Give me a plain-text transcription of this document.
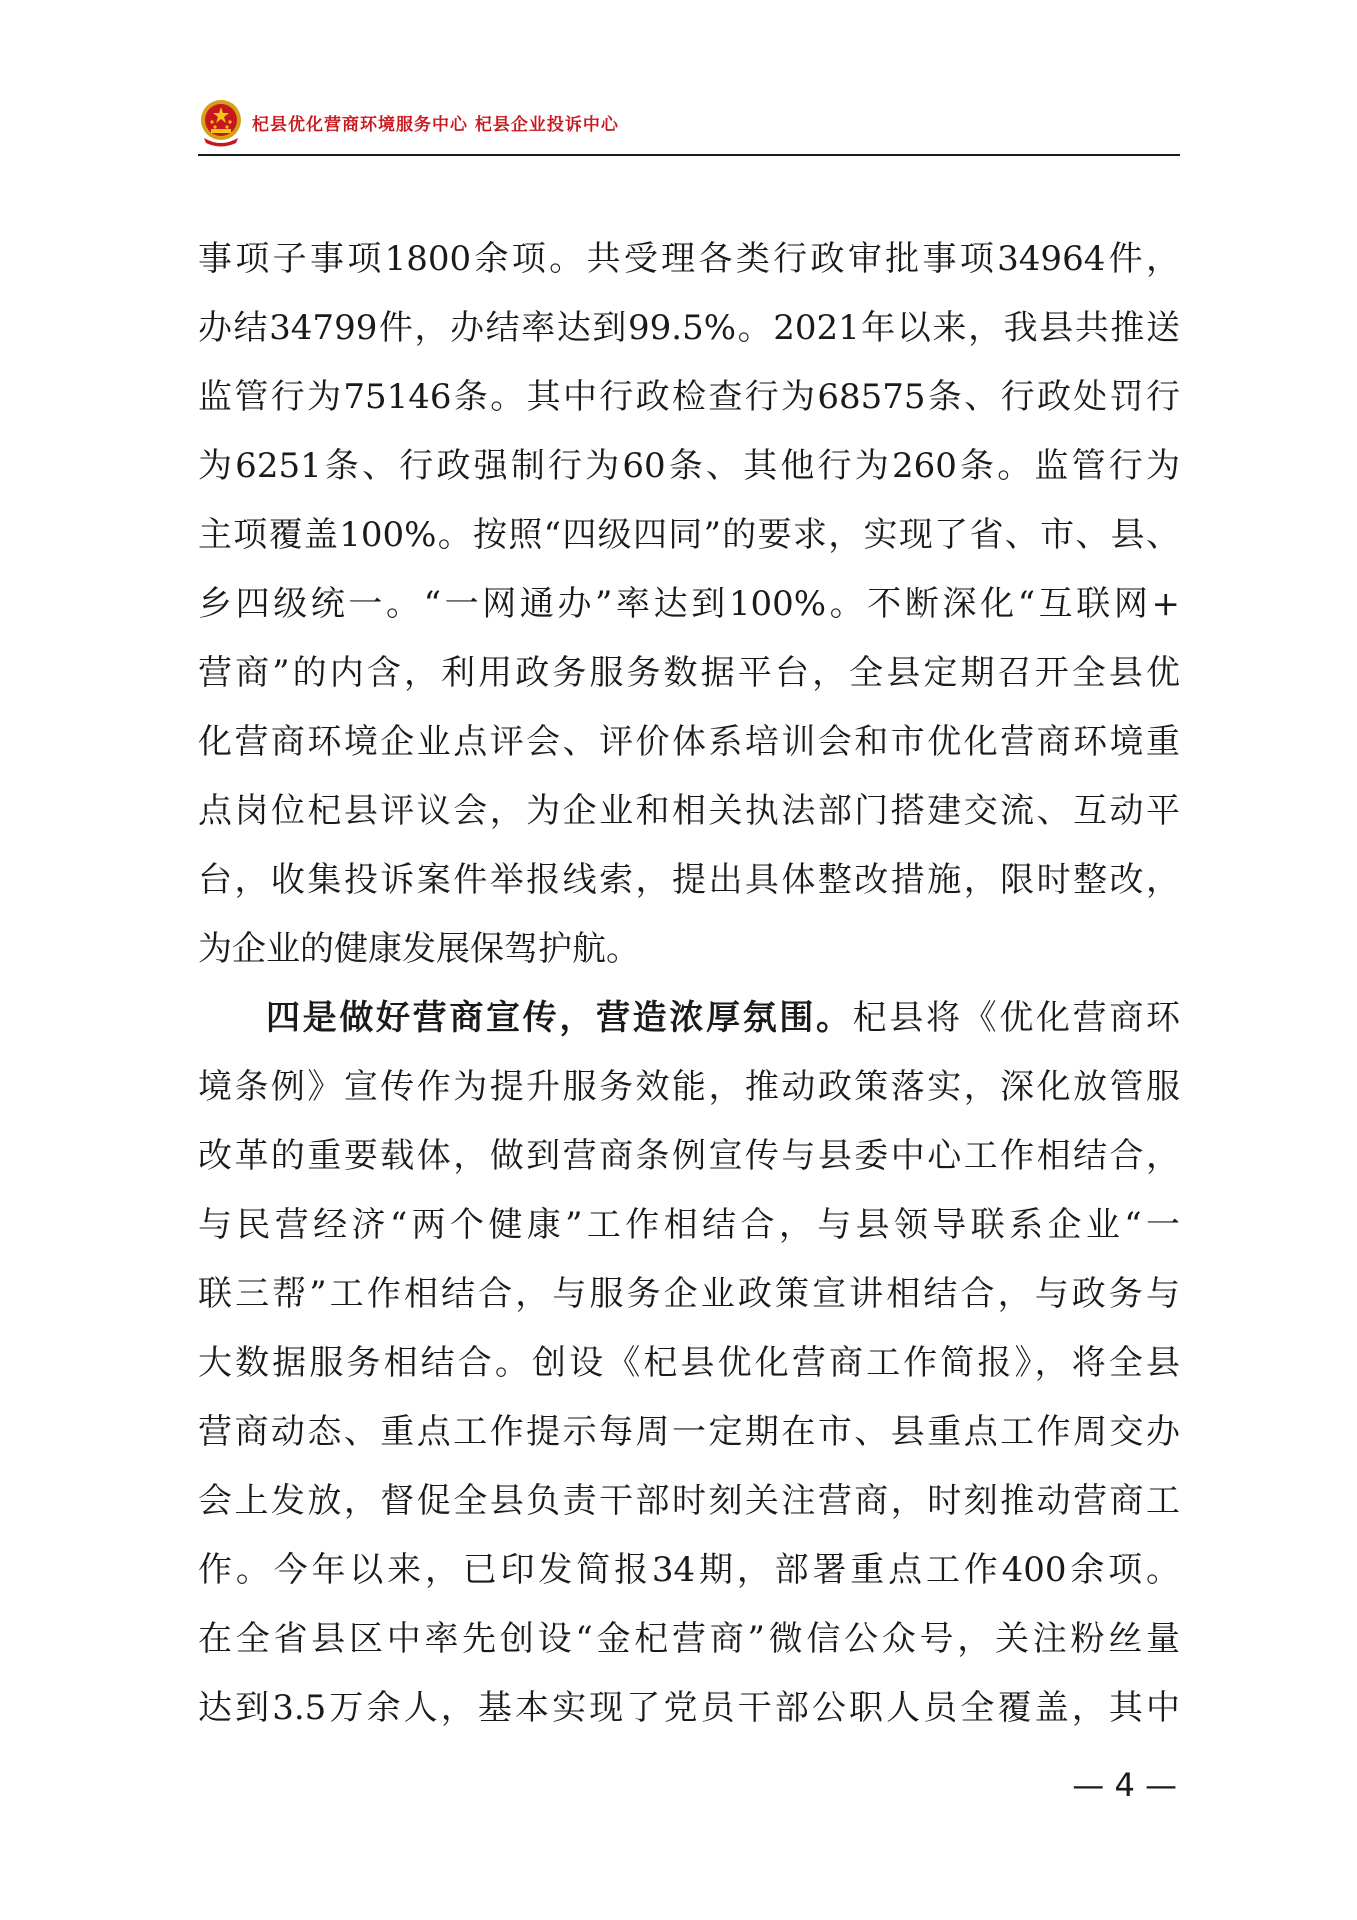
杞县优化营商环境服务中心 杞县企业投诉中心
事项子事项1800余项。共受理各类行政审批事项34964件，
办结34799件，办结率达到99.5%。2021年以来，我县共推送
监管行为75146条。其中行政检查行为68575条、行政处罚行
为6251条、行政强制行为60条、其他行为260条。监管行为
主项覆盖100%。按照“四级四同”的要求，实现了省、市、县、
乡四级统一。“一网通办”率达到100%。不断深化“互联网+
营商”的内含，利用政务服务数据平台，全县定期召开全县优
化营商环境企业点评会、评价体系培训会和市优化营商环境重
点岗位杞县评议会，为企业和相关执法部门搭建交流、互动平
台，收集投诉案件举报线索，提出具体整改措施，限时整改，
为企业的健康发展保驾护航。
四是做好营商宣传，营造浓厚氛围。杞县将《优化营商环
境条例》宣传作为提升服务效能，推动政策落实，深化放管服
改革的重要载体，做到营商条例宣传与县委中心工作相结合，
与民营经济“两个健康”工作相结合，与县领导联系企业“一
联三帮”工作相结合，与服务企业政策宣讲相结合，与政务与
大数据服务相结合。创设《杞县优化营商工作简报》，将全县
营商动态、重点工作提示每周一定期在市、县重点工作周交办
会上发放，督促全县负责干部时刻关注营商，时刻推动营商工
作。今年以来，已印发简报34期，部署重点工作400余项。
在全省县区中率先创设“金杞营商”微信公众号，关注粉丝量
达到3.5万余人，基本实现了党员干部公职人员全覆盖，其中
— 4 —
